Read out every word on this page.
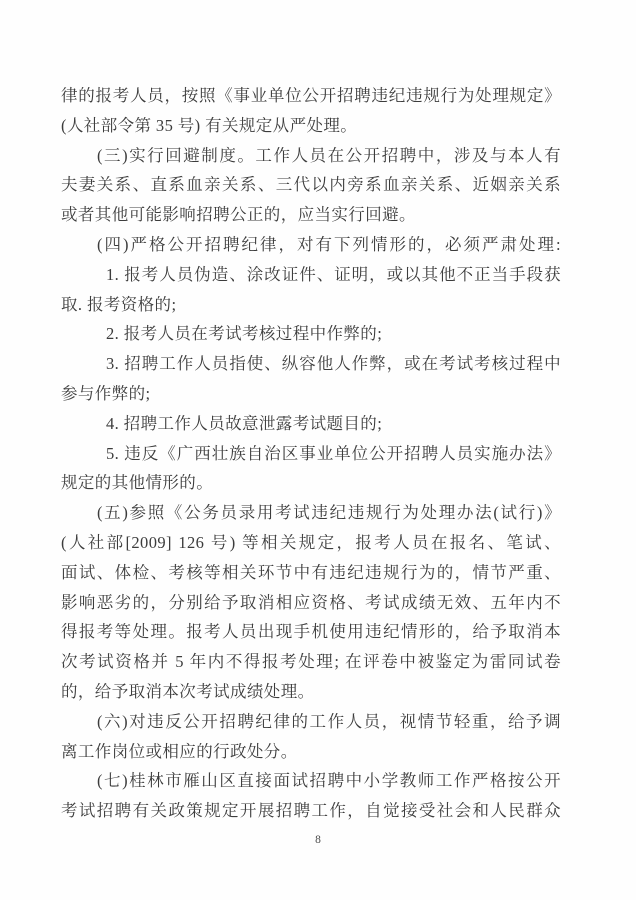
律的报考人员，按照《事业单位公开招聘违纪违规行为处理规定》
(人社部令第 35 号) 有关规定从严处理。
(三)实行回避制度。工作人员在公开招聘中，涉及与本人有
夫妻关系、直系血亲关系、三代以内旁系血亲关系、近姻亲关系
或者其他可能影响招聘公正的，应当实行回避。
(四)严格公开招聘纪律，对有下列情形的，必须严肃处理:
1. 报考人员伪造、涂改证件、证明，或以其他不正当手段获
取. 报考资格的;
2. 报考人员在考试考核过程中作弊的;
3. 招聘工作人员指使、纵容他人作弊，或在考试考核过程中
参与作弊的;
4. 招聘工作人员故意泄露考试题目的;
5. 违反《广西壮族自治区事业单位公开招聘人员实施办法》
规定的其他情形的。
(五)参照《公务员录用考试违纪违规行为处理办法(试行)》
(人社部[2009] 126 号) 等相关规定，报考人员在报名、笔试、
面试、体检、考核等相关环节中有违纪违规行为的，情节严重、
影响恶劣的，分别给予取消相应资格、考试成绩无效、五年内不
得报考等处理。报考人员出现手机使用违纪情形的，给予取消本
次考试资格并 5 年内不得报考处理; 在评卷中被鉴定为雷同试卷
的，给予取消本次考试成绩处理。
(六)对违反公开招聘纪律的工作人员，视情节轻重，给予调
离工作岗位或相应的行政处分。
(七)桂林市雁山区直接面试招聘中小学教师工作严格按公开
考试招聘有关政策规定开展招聘工作，自觉接受社会和人民群众
8
